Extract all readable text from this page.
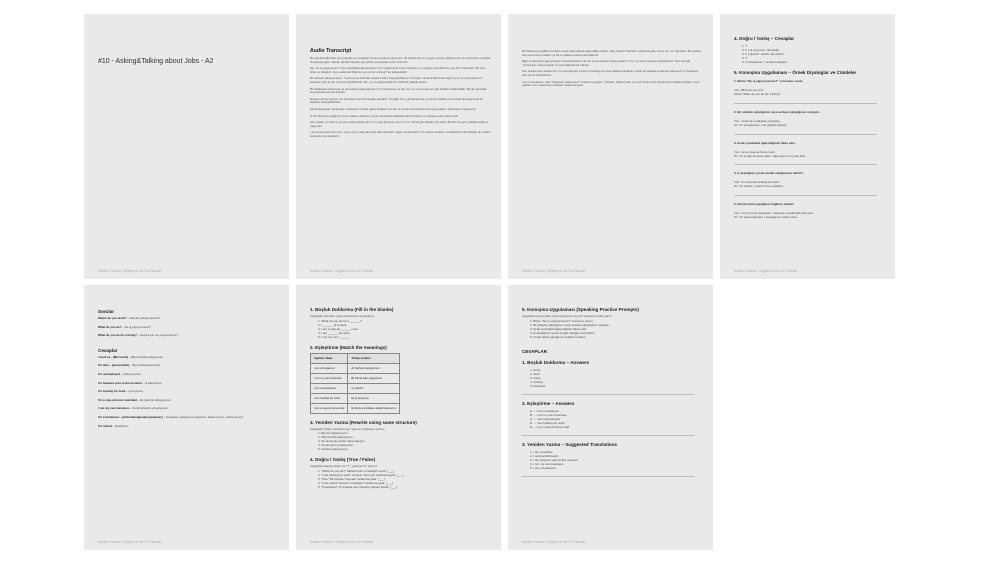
#10 - Asking&Talking about Jobs - A2
Student Version · English on the Go Podcast
Audio Transcript
Bu yapıda kullanılan soru yapıları ve cevapları ile bir konuşma yapıyoruz. İlk olarak size en yaygın soruyu öğretiyorum ve sonra bazı cevaplar örnekleyeceğim. Bunlar günlük hayatta çok işinize yarayacak, hazır mısınız?
Hiç "ne iş yapıyorsun?" diye sorulduğunda durdunuz mu? İngilizce'de bunu sormanın en yaygın yolu What do you do? sorusudur. Bu soru kibar ve doğaldır. Aynı anlamda What do you do for a living? de kullanılabilir.
Bir şirkette çalışıyorsanız, I work at ve ardından şirketin adını söyleyebilirsiniz. Örneğin I work at Microsoft. Eğer şu an iş arıyorsanız I'm between jobs at the moment diyebilirsiniz. Bu, şu an çalışmadığınızı nazik bir şekilde anlatır.
Bir dükkanda bulunmak ya da serbest çalışmak için I'm a freelancer ya da I run my own business gibi ifadeler kullanılabilir. Bunlar gündelik konuşmada çok sık duyulur.
Dolayısıyla bu konuyu sık sık tekrar etmeniz faydalı olacaktır. Örneğin bir iş görüşmesinde ya da bir partide yeni biriyle tanıştığınızda bu ifadeleri kullanabilirsiniz.
Şimdi diyalogları dinleyelim. Dinlerken tanıdık gelen ifadeleri not alın ve kendi cümlelerinizi kurmaya çalışın. Hazırsanız başlıyoruz.
İyi bir dinleme pratiği için önce sadece dinleyin, sonra transkripte bakarak tekrar dinleyin ve yüksek sesle tekrar edin.
Son olarak, ev hanımı ya da emekli olanlar için I'm a stay-at-home mum ve I'm retired gibi ifadeler de vardır. Bunlar da aynı şekilde doğal ve yaygındır.
I am a stay-at-home mum veya I am a stay-at-home dad diyebiliriz. Eğer emekli iseniz I'm retired cevabını verebilirsiniz. Bu ifadeler de sohbet sırasında çok kullanılır.
Student Version · English on the Go Podcast
Bu ifadeler genellikle bir kişinin evde kalıp aileyle ilgilendiğini anlatır. Stay ifadesi "kalmak" anlamına gelir, home da "ev" demektir. Bu yüzden stay-at-home ev kadını ya da ev babası anlamında kullanılır.
Eğer kendi işinizi yapıyorsanız, kendi şirketiniz var ise ya da serbest çalışıyorsanız I run my own business diyebilirsiniz. Run burada "yönetmek" anlamındadır ve sık kullanılan bir kalıptır.
Son olarak işsiz olanlar için I'm unemployed ya da I'm looking for work ifadeleri kullanılır. Kibar bir şekilde söylemek isterseniz I'm between jobs tercih edebilirsiniz.
I am a freelancer, yani "bağımsız çalışıyorum" anlamına geliyor. Yazarlar, tasarımcılar ve çevirmenler gibi birçok kişi bu ifadeyi kullanır. Aynı şekilde I am retired de emekliyim anlamına gelir.
Student Version · English on the Go Podcast
4. Doğru / Yanlış – Cevaplar
1. T
2. F ("iş arıyorum" demektir)
3. F ("işsizim" anlamı da vardır)
4. T
5. F (freelancer = serbest çalışan)
5. Konuşma Uygulaması – Örnek Diyaloglar ve Cümleler
1. Birine "Ne iş yapıyorsunuz?" sorusunu sorun.
You: What do you do?
Other: What do you do for a living?
2. Bir şirkette çalıştığınızı veya serbest çalıştığınızı söyleyin.
You: I work at a software company.
Or: I'm a freelancer. I do graphic design.
3. Evde çocuklarla ilgilendiğinizi ifade edin.
You: I am a stay-at-home mum.
Or: I'm a stay-at-home dad. I take care of my two kids.
4. İş aradığınızı ya da emekli olduğunuzu belirtin.
You: I'm currently looking for work.
Or: I'm retired. I used to be a teacher.
5. Kendi işinizi yaptığınızı İngilizce anlatın.
You: I run my own business. I opened a small café last year.
Or: I'm self-employed. I manage an online store.
Student Version · English on the Go Podcast
Sorular
Where do you work? – Nerede çalışıyorsunuz?
What do you do? – Ne iş yapıyorsunuz?
What do you do for a living? – Geçimi için ne yapıyorsunuz?
Cevaplar
I work at... [Microsoft] – [Microsoft]'ta çalışıyorum.
I'm a/an... [accountant] – Ben [muhasebeciyim].
I'm unemployed – Çalışmıyorum.
I'm between jobs at the moment – İş bakıyorum.
I'm looking for work – İş arıyorum.
I'm a stay-at-home mum/dad – Ev işleriyle uğraşıyorum.
I run my own business – Kendi şirketimi yönetiyorum.
I'm a freelancer... [writer/designer/programmer] – Freelance çalışıyorum [yazarım, tasarımcıyım, yazılımcıyım].
I'm retired – Emekliyim.
Student Version · English on the Go Podcast
1. Boşluk Doldurma (Fill in the blanks)
Aşağıdaki cümleleri uygun kelimelerle tamamlayın:
1. What do you do for a ______?
2. I ______ at a bank.
3. I am a stay-at-______ mum.
4. I am ______ for work.
5. I run my own ______.
2. Eşleştirme (Match the meanings)
İngilizce İfade	Türkçe Anlamı
I am a freelancer	A) Serbest çalışıyorum
I run my own business	B) Kendi işimi yapıyorum
I am unemployed	C) İşsizim
I am looking for work	D) İş arıyorum
I am a stay-at-home dad	E) Evde ev babası olarak bakıyorum
3. Yeniden Yazma (Rewrite using same structure)
Aşağıdaki Türkçe cümleleri aynı yapı ile İngilizceye çevirin:
1. Ben bir öğretmenim.
2. Microsoft'ta çalışıyorum.
3. Şu anda işler arası dönemdeyim.
4. Kendi işimi yönetiyorum.
5. Serbest çalışıyorum.
4. Doğru / Yanlış (True / False)
Aşağıdaki ifadeler doğru ise "T", yanlışsa "F" yazınız:
1. "What do you do?" ifadesi birinin mesleğini sorar. (___)
2. "I am looking for work" cümlesi "işim var" anlamına gelir. (___)
3. "Run" fiili burada "koşmak" anlamına gelir. (___)
4. "I am retired" demek "emekliyim" anlamına gelir. (___)
5. "Freelancer" bir şirkette tam zamanlı çalışan kişidir. (___)
Student Version · English on the Go Podcast
5. Konuşma Uygulaması (Speaking Practice Prompts)
Aşağıdaki konuşmaları sesli söyleyerek veya bir partnerle pratik yapın:
1. Birine "Ne iş yapıyorsunuz?" sorusunu sorun.
2. Bir şirkette çalıştığınızı veya serbest çalıştığınızı söyleyin.
3. Evde çocuklarla ilgilendiğinizi ifade edin.
4. İş aradığınızı ya da emekli olduğunuzu belirtin.
5. Kendi işinizi yaptığınızı İngilizce anlatın.
CEVAPLAR
1. Boşluk Doldurma – Answers
1. living
2. work
3. home
4. looking
5. business
2. Eşleştirme – Answers
A → I am a freelancer
B → I run my own business
C → I am unemployed
D → I am looking for work
E → I am a stay-at-home dad
3. Yeniden Yazma – Suggested Translations
1. I am a teacher.
2. I work at Microsoft.
3. I am between jobs at the moment.
4. I run my own business.
5. I am a freelancer.
Student Version · English on the Go Podcast
